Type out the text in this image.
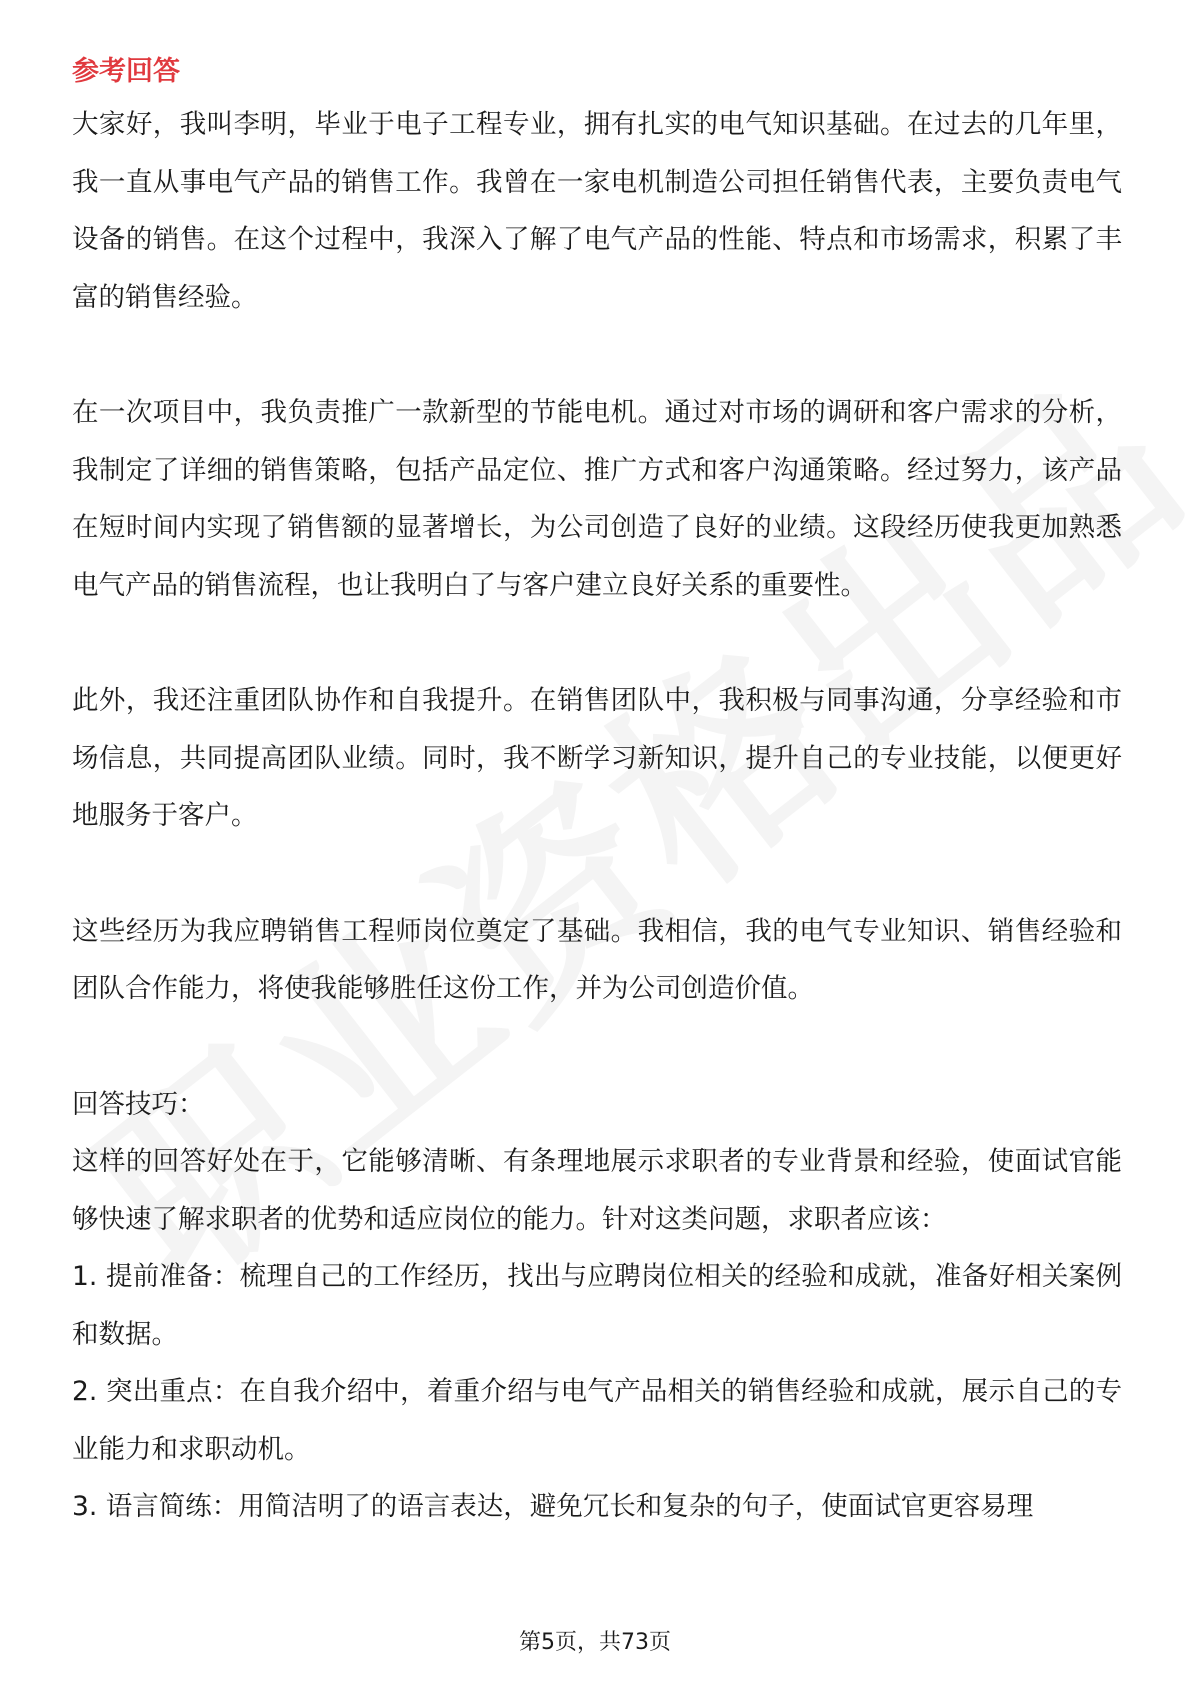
参考回答

大家好，我叫李明，毕业于电子工程专业，拥有扎实的电气知识基础。在过去的几年里，我一直从事电气产品的销售工作。我曾在一家电机制造公司担任销售代表，主要负责电气设备的销售。在这个过程中，我深入了解了电气产品的性能、特点和市场需求，积累了丰富的销售经验。

在一次项目中，我负责推广一款新型的节能电机。通过对市场的调研和客户需求的分析，我制定了详细的销售策略，包括产品定位、推广方式和客户沟通策略。经过努力，该产品在短时间内实现了销售额的显著增长，为公司创造了良好的业绩。这段经历使我更加熟悉电气产品的销售流程，也让我明白了与客户建立良好关系的重要性。

此外，我还注重团队协作和自我提升。在销售团队中，我积极与同事沟通，分享经验和市场信息，共同提高团队业绩。同时，我不断学习新知识，提升自己的专业技能，以便更好地服务于客户。

这些经历为我应聘销售工程师岗位奠定了基础。我相信，我的电气专业知识、销售经验和团队合作能力，将使我能够胜任这份工作，并为公司创造价值。

回答技巧：

这样的回答好处在于，它能够清晰、有条理地展示求职者的专业背景和经验，使面试官能够快速了解求职者的优势和适应岗位的能力。针对这类问题，求职者应该：

1. 提前准备：梳理自己的工作经历，找出与应聘岗位相关的经验和成就，准备好相关案例和数据。

2. 突出重点：在自我介绍中，着重介绍与电气产品相关的销售经验和成就，展示自己的专业能力和求职动机。

3. 语言简练：用简洁明了的语言表达，避免冗长和复杂的句子，使面试官更容易理

第5页，共73页
